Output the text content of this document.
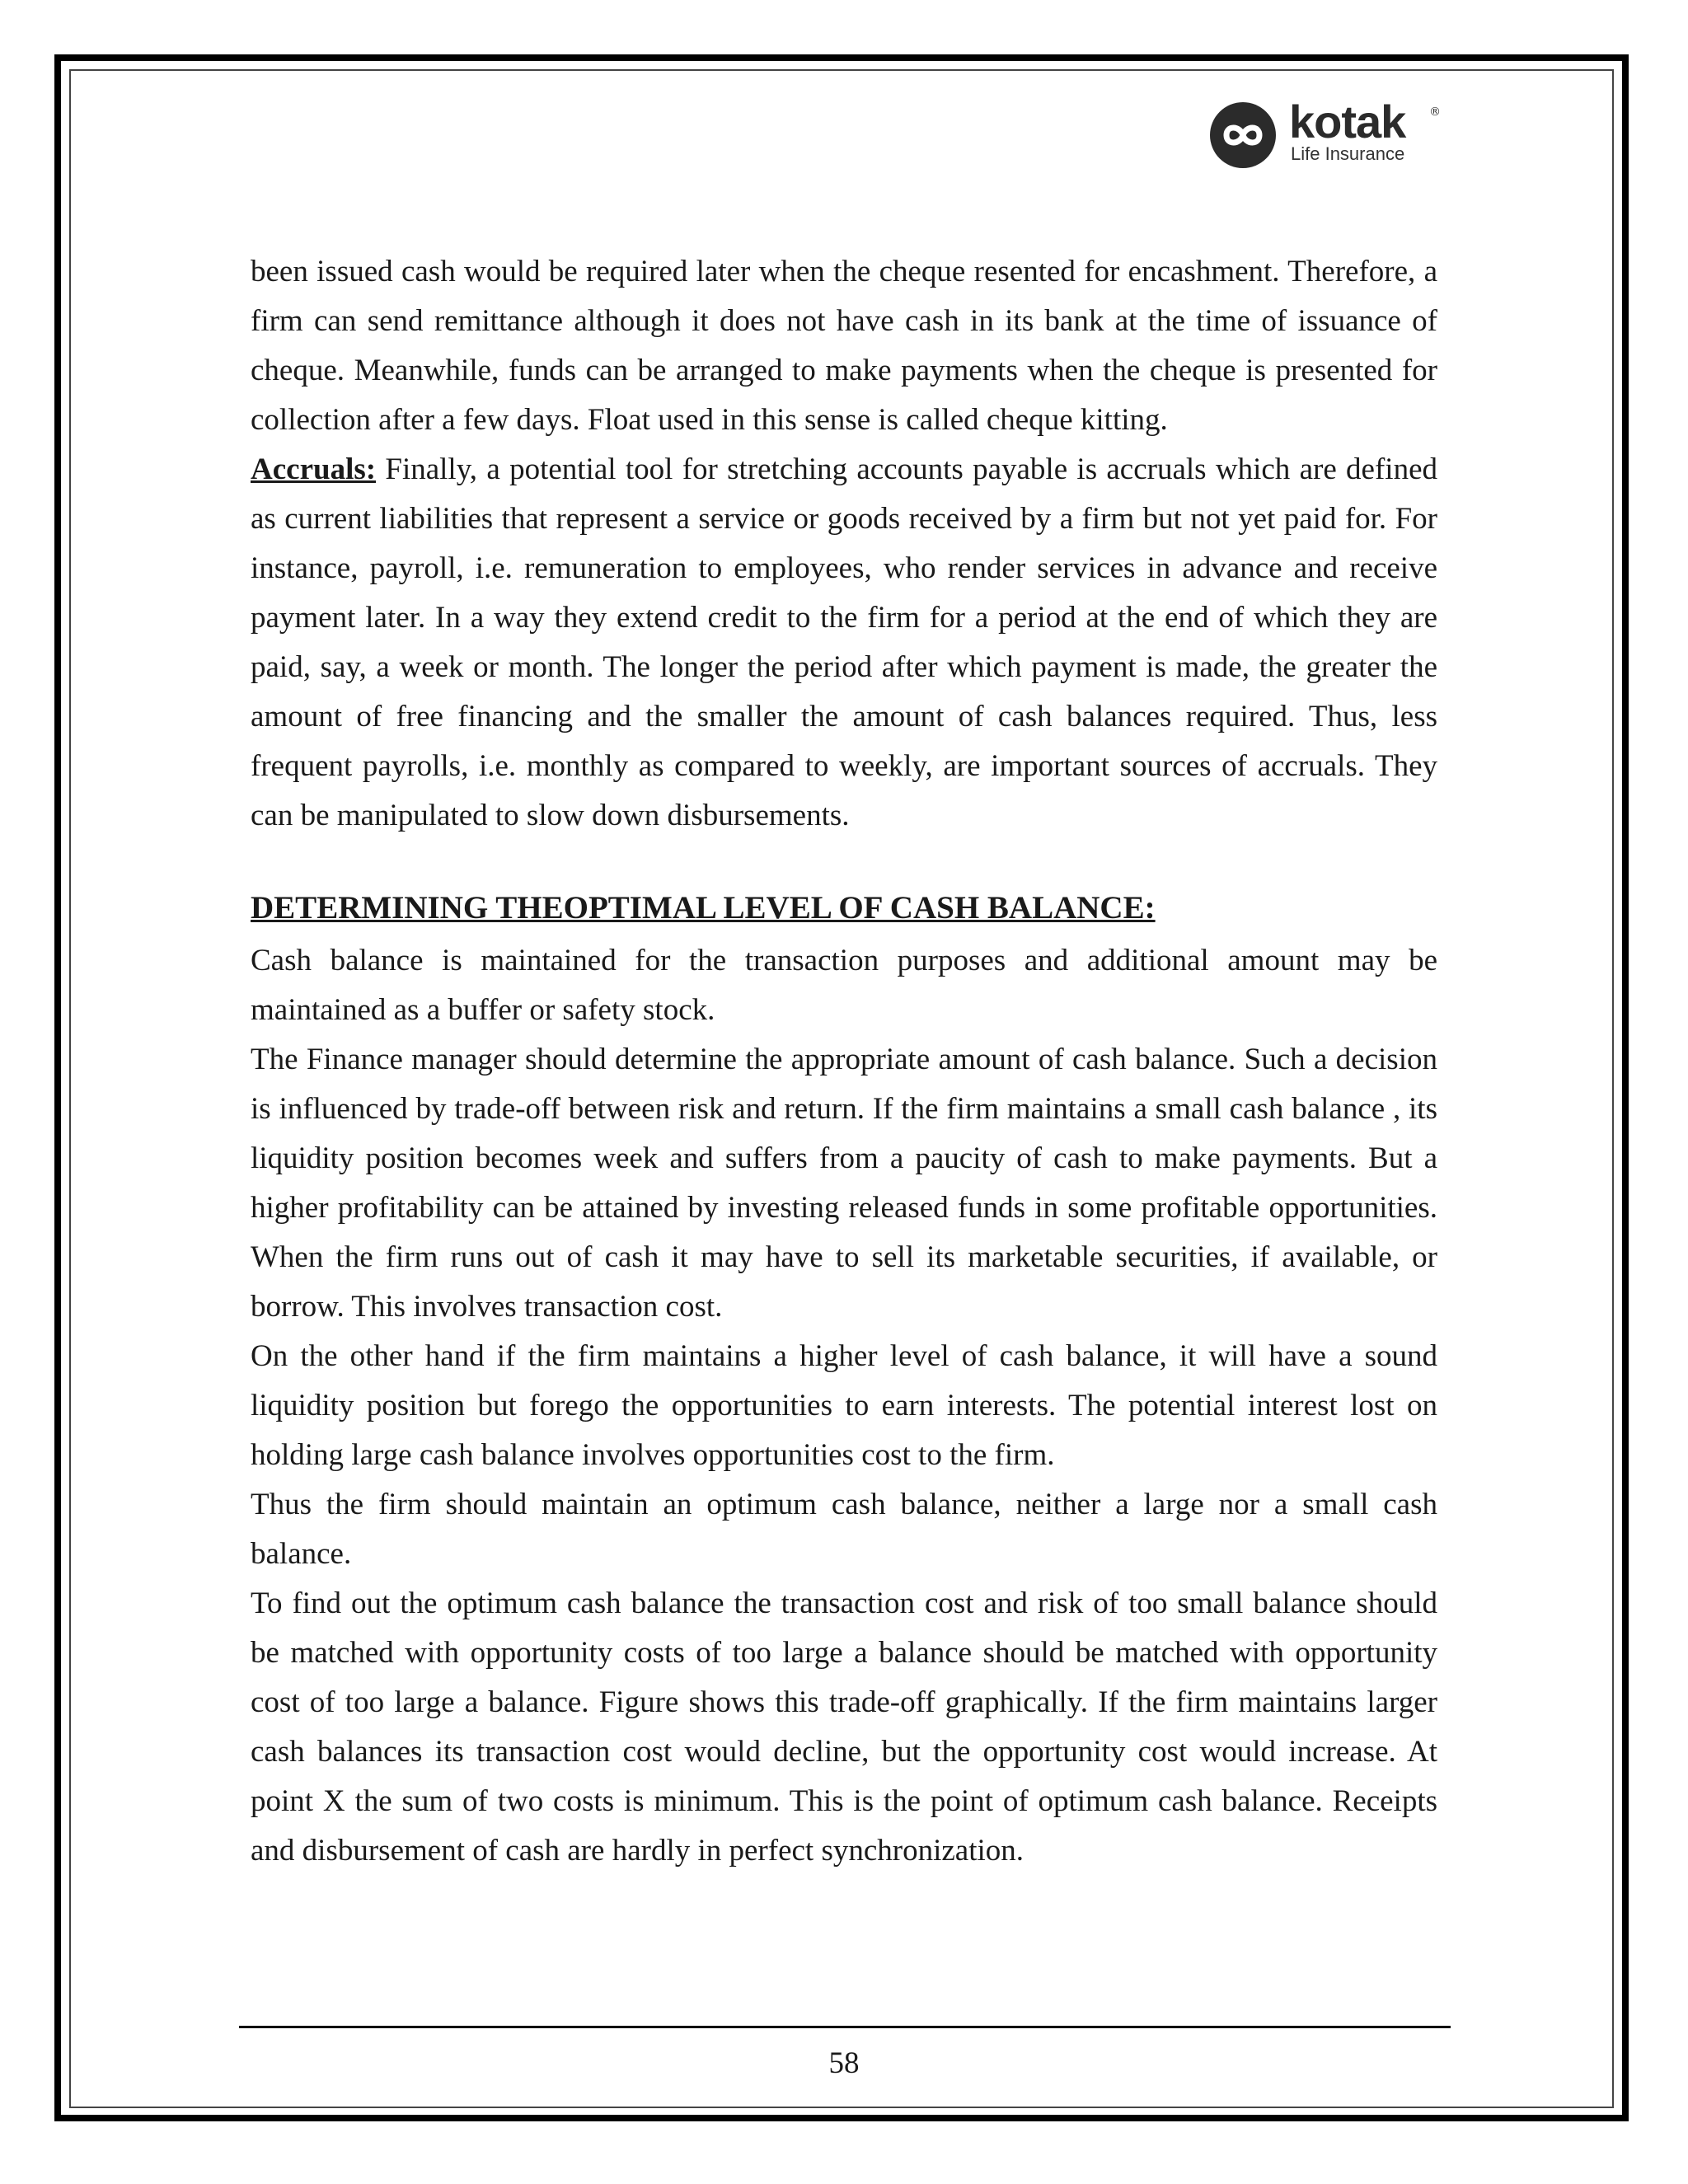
kotak ®
Life Insurance

been issued cash would be required later when the cheque resented for encashment. Therefore, a firm can send remittance although it does not have cash in its bank at the time of issuance of cheque. Meanwhile, funds can be arranged to make payments when the cheque is presented for collection after a few days. Float used in this sense is called cheque kitting.

Accruals: Finally, a potential tool for stretching accounts payable is accruals which are defined as current liabilities that represent a service or goods received by a firm but not yet paid for. For instance, payroll, i.e. remuneration to employees, who render services in advance and receive payment later. In a way they extend credit to the firm for a period at the end of which they are paid, say, a week or month. The longer the period after which payment is made, the greater the amount of free financing and the smaller the amount of cash balances required. Thus, less frequent payrolls, i.e. monthly as compared to weekly, are important sources of accruals. They can be manipulated to slow down disbursements.

DETERMINING THEOPTIMAL LEVEL OF CASH BALANCE:

Cash balance is maintained for the transaction purposes and additional amount may be maintained as a buffer or safety stock.

The Finance manager should determine the appropriate amount of cash balance. Such a decision is influenced by trade-off between risk and return. If the firm maintains a small cash balance , its liquidity position becomes week and suffers from a paucity of cash to make payments. But a higher profitability can be attained by investing released funds in some profitable opportunities. When the firm runs out of cash it may have to sell its marketable securities, if available, or borrow. This involves transaction cost.

On the other hand if the firm maintains a higher level of cash balance, it will have a sound liquidity position but forego the opportunities to earn interests. The potential interest lost on holding large cash balance involves opportunities cost to the firm.

Thus the firm should maintain an optimum cash balance, neither a large nor a small cash balance.

To find out the optimum cash balance the transaction cost and risk of too small balance should be matched with opportunity costs of too large a balance should be matched with opportunity cost of too large a balance. Figure shows this trade-off graphically. If the firm maintains larger cash balances its transaction cost would decline, but the opportunity cost would increase. At point X the sum of two costs is minimum. This is the point of optimum cash balance. Receipts and disbursement of cash are hardly in perfect synchronization.

58
